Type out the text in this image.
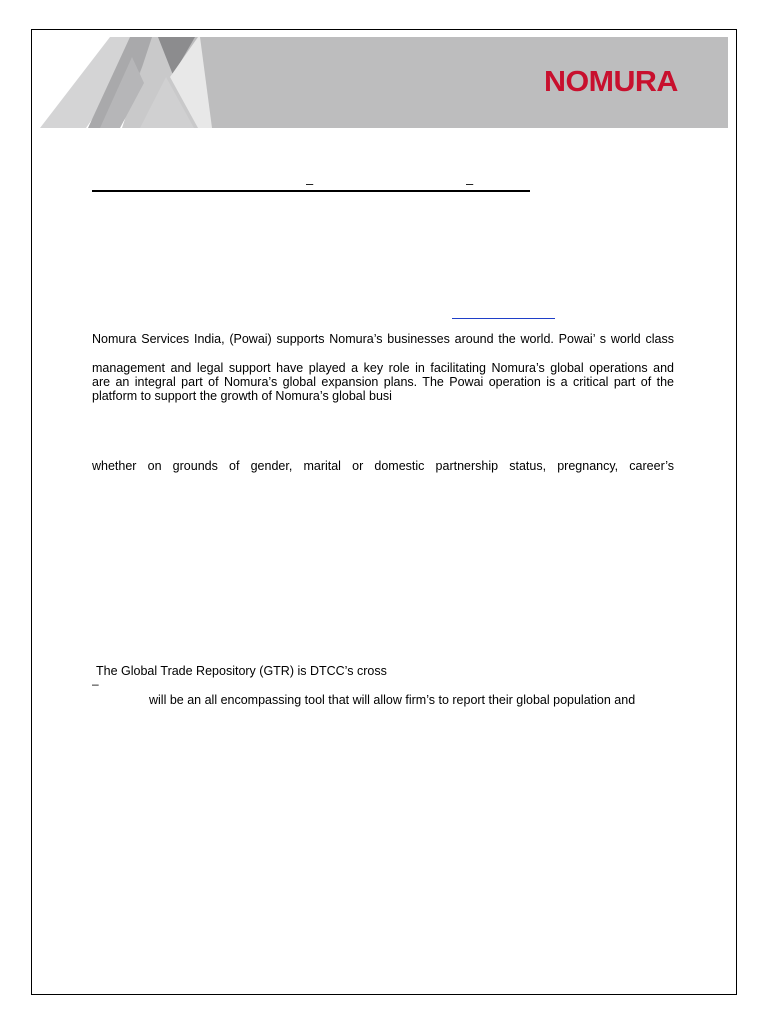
NOMURA
–	–

Nomura Services India, (Powai) supports Nomura’s businesses around the world. Powai’ s world class

management and legal support have played a key role in facilitating Nomura’s global operations and

are an integral part of Nomura’s global expansion plans. The Powai operation is a critical part of the

platform to support the growth of Nomura’s global busi

whether on grounds of gender, marital or domestic partnership status, pregnancy, career’s

The Global Trade Repository (GTR) is DTCC’s cross

–

will be an all encompassing tool that will allow firm’s to report their global population and
